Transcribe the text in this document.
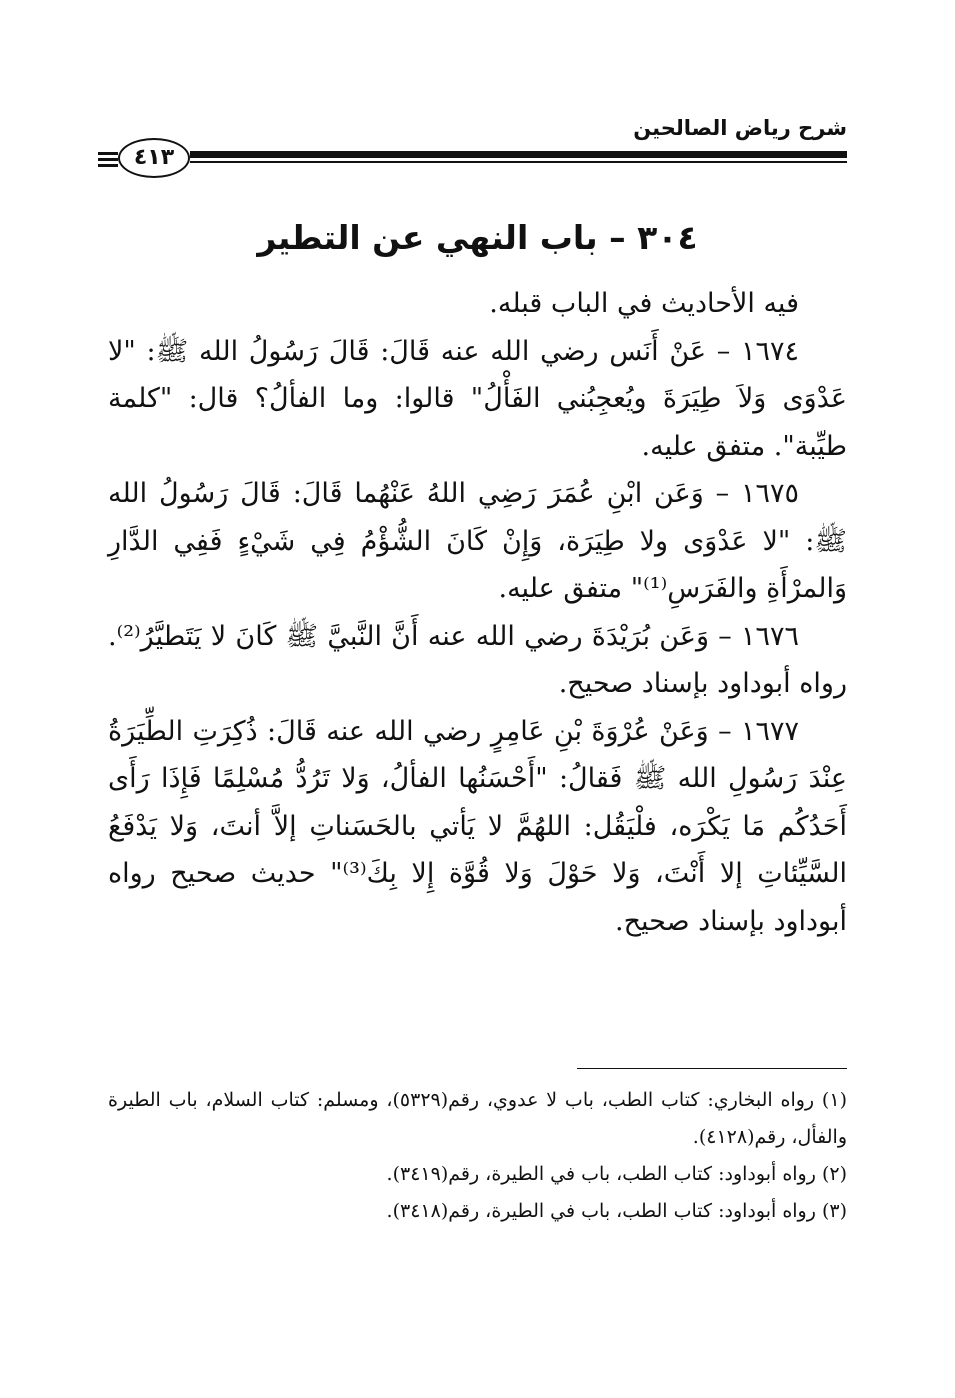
شرح رياض الصالحين
٤١٣
٣٠٤ – باب النهي عن التطير

فيه الأحاديث في الباب قبله.

١٦٧٤ – عَنْ أَنَس رضي الله عنه قَالَ: قَالَ رَسُولُ الله ﷺ: "لا عَدْوَى وَلاَ طِيَرَةَ ويُعجِبُني الفَأْلُ" قالوا: وما الفألُ؟ قال: "كلمة طيِّبة". متفق عليه.

١٦٧٥ – وَعَن ابْنِ عُمَرَ رَضِي اللهُ عَنْهُما قَالَ: قَالَ رَسُولُ الله ﷺ: "لا عَدْوَى ولا طِيَرَة، وَإِنْ كَانَ الشُّؤْمُ فِي شَيْءٍ فَفِي الدَّارِ وَالمرْأَةِ والفَرَسِ⁽¹⁾" متفق عليه.

١٦٧٦ – وَعَن بُرَيْدَةَ رضي الله عنه أَنَّ النَّبيَّ ﷺ كَانَ لا يَتَطيَّرُ⁽²⁾. رواه أبوداود بإسناد صحيح.

١٦٧٧ – وَعَنْ عُرْوَةَ بْنِ عَامِرٍ رضي الله عنه قَالَ: ذُكِرَتِ الطِّيَرَةُ عِنْدَ رَسُولِ الله ﷺ فَقالُ: "أَحْسَنُها الفألُ، وَلا تَرُدُّ مُسْلِمًا فَإِذَا رَأَى أَحَدُكُم مَا يَكْرَه، فلْيَقُل: اللهُمَّ لا يَأتي بالحَسَناتِ إلاَّ أنتَ، وَلا يَدْفَعُ السَّيِّئاتِ إلا أَنْتَ، وَلا حَوْلَ وَلا قُوَّة إِلا بِكَ⁽³⁾" حديث صحيح رواه أبوداود بإسناد صحيح.

(١) رواه البخاري: كتاب الطب، باب لا عدوي، رقم(٥٣٢٩)، ومسلم: كتاب السلام، باب الطيرة والفأل، رقم(٤١٢٨).

(٢) رواه أبوداود: كتاب الطب، باب في الطيرة، رقم(٣٤١٩).

(٣) رواه أبوداود: كتاب الطب، باب في الطيرة، رقم(٣٤١٨).
